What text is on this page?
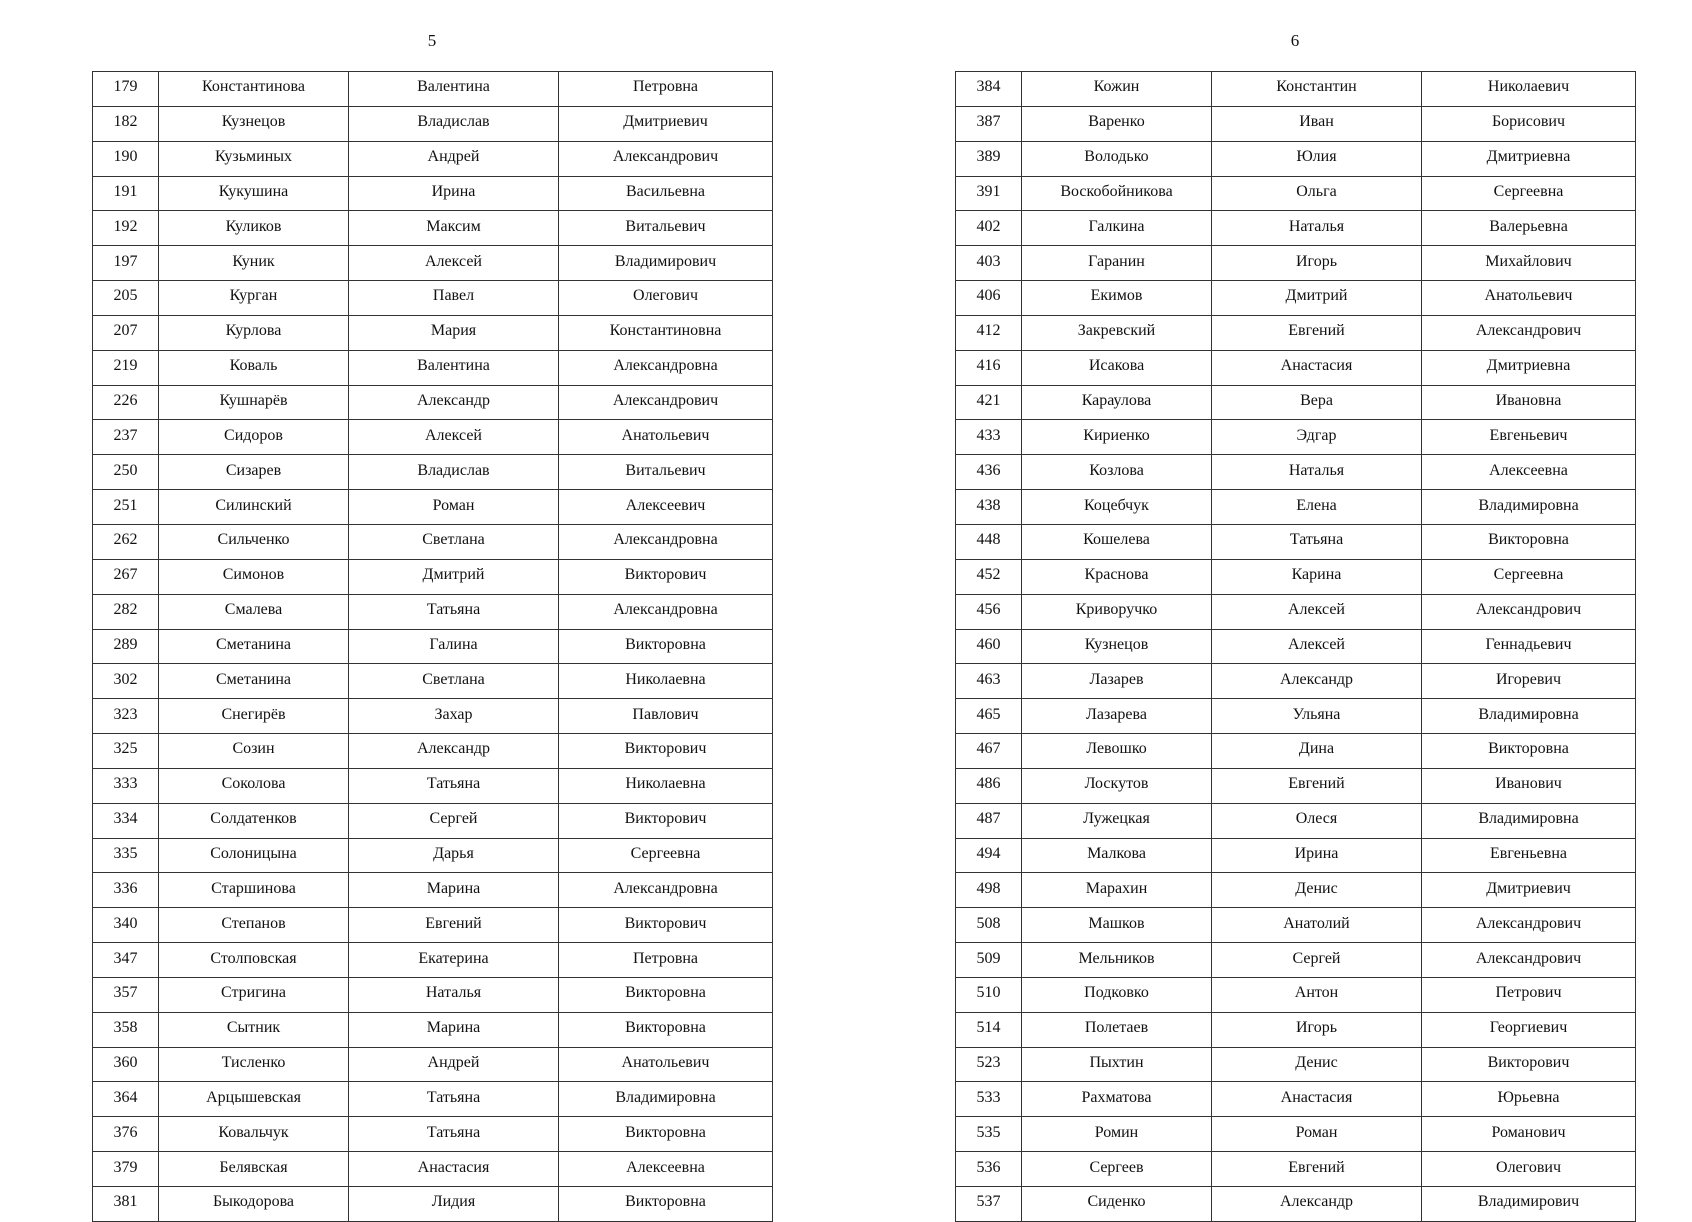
5
179	Константинова	Валентина	Петровна
182	Кузнецов	Владислав	Дмитриевич
190	Кузьминых	Андрей	Александрович
191	Кукушина	Ирина	Васильевна
192	Куликов	Максим	Витальевич
197	Куник	Алексей	Владимирович
205	Курган	Павел	Олегович
207	Курлова	Мария	Константиновна
219	Коваль	Валентина	Александровна
226	Кушнарёв	Александр	Александрович
237	Сидоров	Алексей	Анатольевич
250	Сизарев	Владислав	Витальевич
251	Силинский	Роман	Алексеевич
262	Сильченко	Светлана	Александровна
267	Симонов	Дмитрий	Викторович
282	Смалева	Татьяна	Александровна
289	Сметанина	Галина	Викторовна
302	Сметанина	Светлана	Николаевна
323	Снегирёв	Захар	Павлович
325	Созин	Александр	Викторович
333	Соколова	Татьяна	Николаевна
334	Солдатенков	Сергей	Викторович
335	Солоницына	Дарья	Сергеевна
336	Старшинова	Марина	Александровна
340	Степанов	Евгений	Викторович
347	Столповская	Екатерина	Петровна
357	Стригина	Наталья	Викторовна
358	Сытник	Марина	Викторовна
360	Тисленко	Андрей	Анатольевич
364	Арцышевская	Татьяна	Владимировна
376	Ковальчук	Татьяна	Викторовна
379	Белявская	Анастасия	Алексеевна
381	Быкодорова	Лидия	Викторовна
6
384	Кожин	Константин	Николаевич
387	Варенко	Иван	Борисович
389	Володько	Юлия	Дмитриевна
391	Воскобойникова	Ольга	Сергеевна
402	Галкина	Наталья	Валерьевна
403	Гаранин	Игорь	Михайлович
406	Екимов	Дмитрий	Анатольевич
412	Закревский	Евгений	Александрович
416	Исакова	Анастасия	Дмитриевна
421	Караулова	Вера	Ивановна
433	Кириенко	Эдгар	Евгеньевич
436	Козлова	Наталья	Алексеевна
438	Коцебчук	Елена	Владимировна
448	Кошелева	Татьяна	Викторовна
452	Краснова	Карина	Сергеевна
456	Криворучко	Алексей	Александрович
460	Кузнецов	Алексей	Геннадьевич
463	Лазарев	Александр	Игоревич
465	Лазарева	Ульяна	Владимировна
467	Левошко	Дина	Викторовна
486	Лоскутов	Евгений	Иванович
487	Лужецкая	Олеся	Владимировна
494	Малкова	Ирина	Евгеньевна
498	Марахин	Денис	Дмитриевич
508	Машков	Анатолий	Александрович
509	Мельников	Сергей	Александрович
510	Подковко	Антон	Петрович
514	Полетаев	Игорь	Георгиевич
523	Пыхтин	Денис	Викторович
533	Рахматова	Анастасия	Юрьевна
535	Ромин	Роман	Романович
536	Сергеев	Евгений	Олегович
537	Сиденко	Александр	Владимирович
